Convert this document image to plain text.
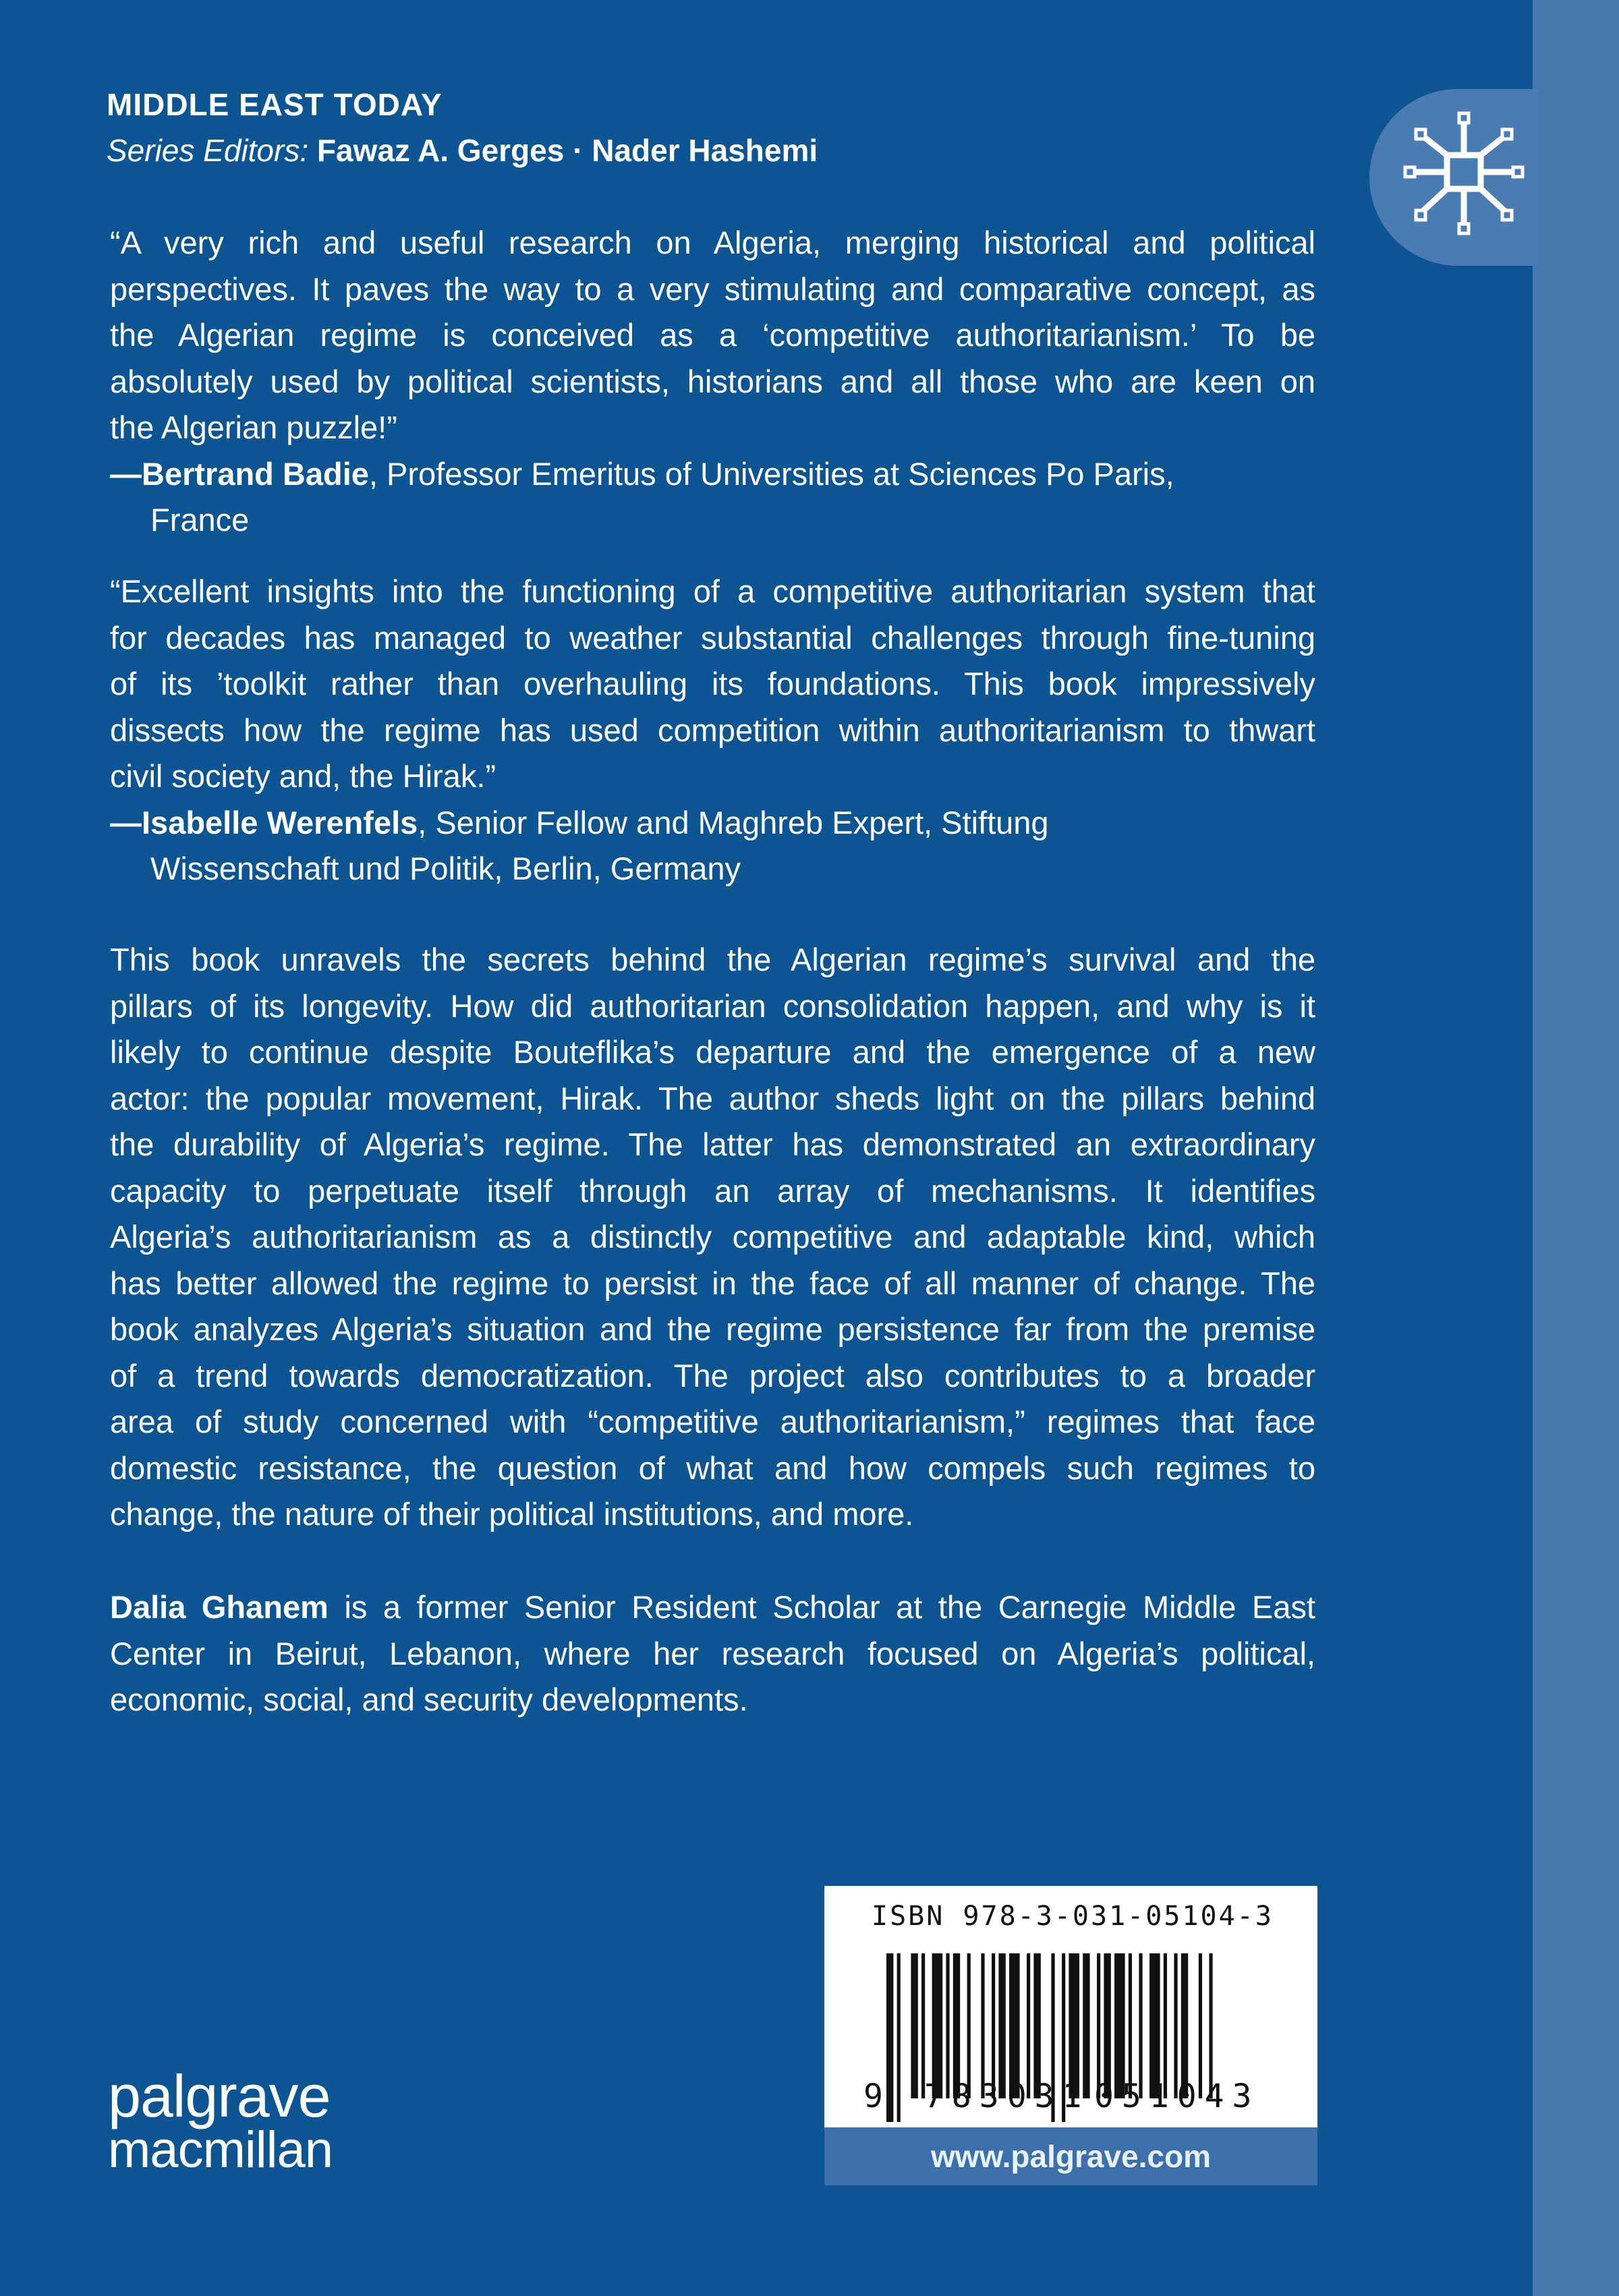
MIDDLE EAST TODAY
Series Editors: Fawaz A. Gerges · Nader Hashemi
“A very rich and useful research on Algeria, merging historical and political
perspectives. It paves the way to a very stimulating and comparative concept, as
the Algerian regime is conceived as a ‘competitive authoritarianism.’ To be
absolutely used by political scientists, historians and all those who are keen on
the Algerian puzzle!”
—Bertrand Badie, Professor Emeritus of Universities at Sciences Po Paris,
France
“Excellent insights into the functioning of a competitive authoritarian system that
for decades has managed to weather substantial challenges through fine-tuning
of its ’toolkit rather than overhauling its foundations. This book impressively
dissects how the regime has used competition within authoritarianism to thwart
civil society and, the Hirak.”
—Isabelle Werenfels, Senior Fellow and Maghreb Expert, Stiftung
Wissenschaft und Politik, Berlin, Germany
This book unravels the secrets behind the Algerian regime’s survival and the
pillars of its longevity. How did authoritarian consolidation happen, and why is it
likely to continue despite Bouteflika’s departure and the emergence of a new
actor: the popular movement, Hirak. The author sheds light on the pillars behind
the durability of Algeria’s regime. The latter has demonstrated an extraordinary
capacity to perpetuate itself through an array of mechanisms. It identifies
Algeria’s authoritarianism as a distinctly competitive and adaptable kind, which
has better allowed the regime to persist in the face of all manner of change. The
book analyzes Algeria’s situation and the regime persistence far from the premise
of a trend towards democratization. The project also contributes to a broader
area of study concerned with “competitive authoritarianism,” regimes that face
domestic resistance, the question of what and how compels such regimes to
change, the nature of their political institutions, and more.
Dalia Ghanem is a former Senior Resident Scholar at the Carnegie Middle East
Center in Beirut, Lebanon, where her research focused on Algeria’s political,
economic, social, and security developments.
ISBN 978-3-031-05104-3
9 783031 051043
www.palgrave.com
palgrave
macmillan
